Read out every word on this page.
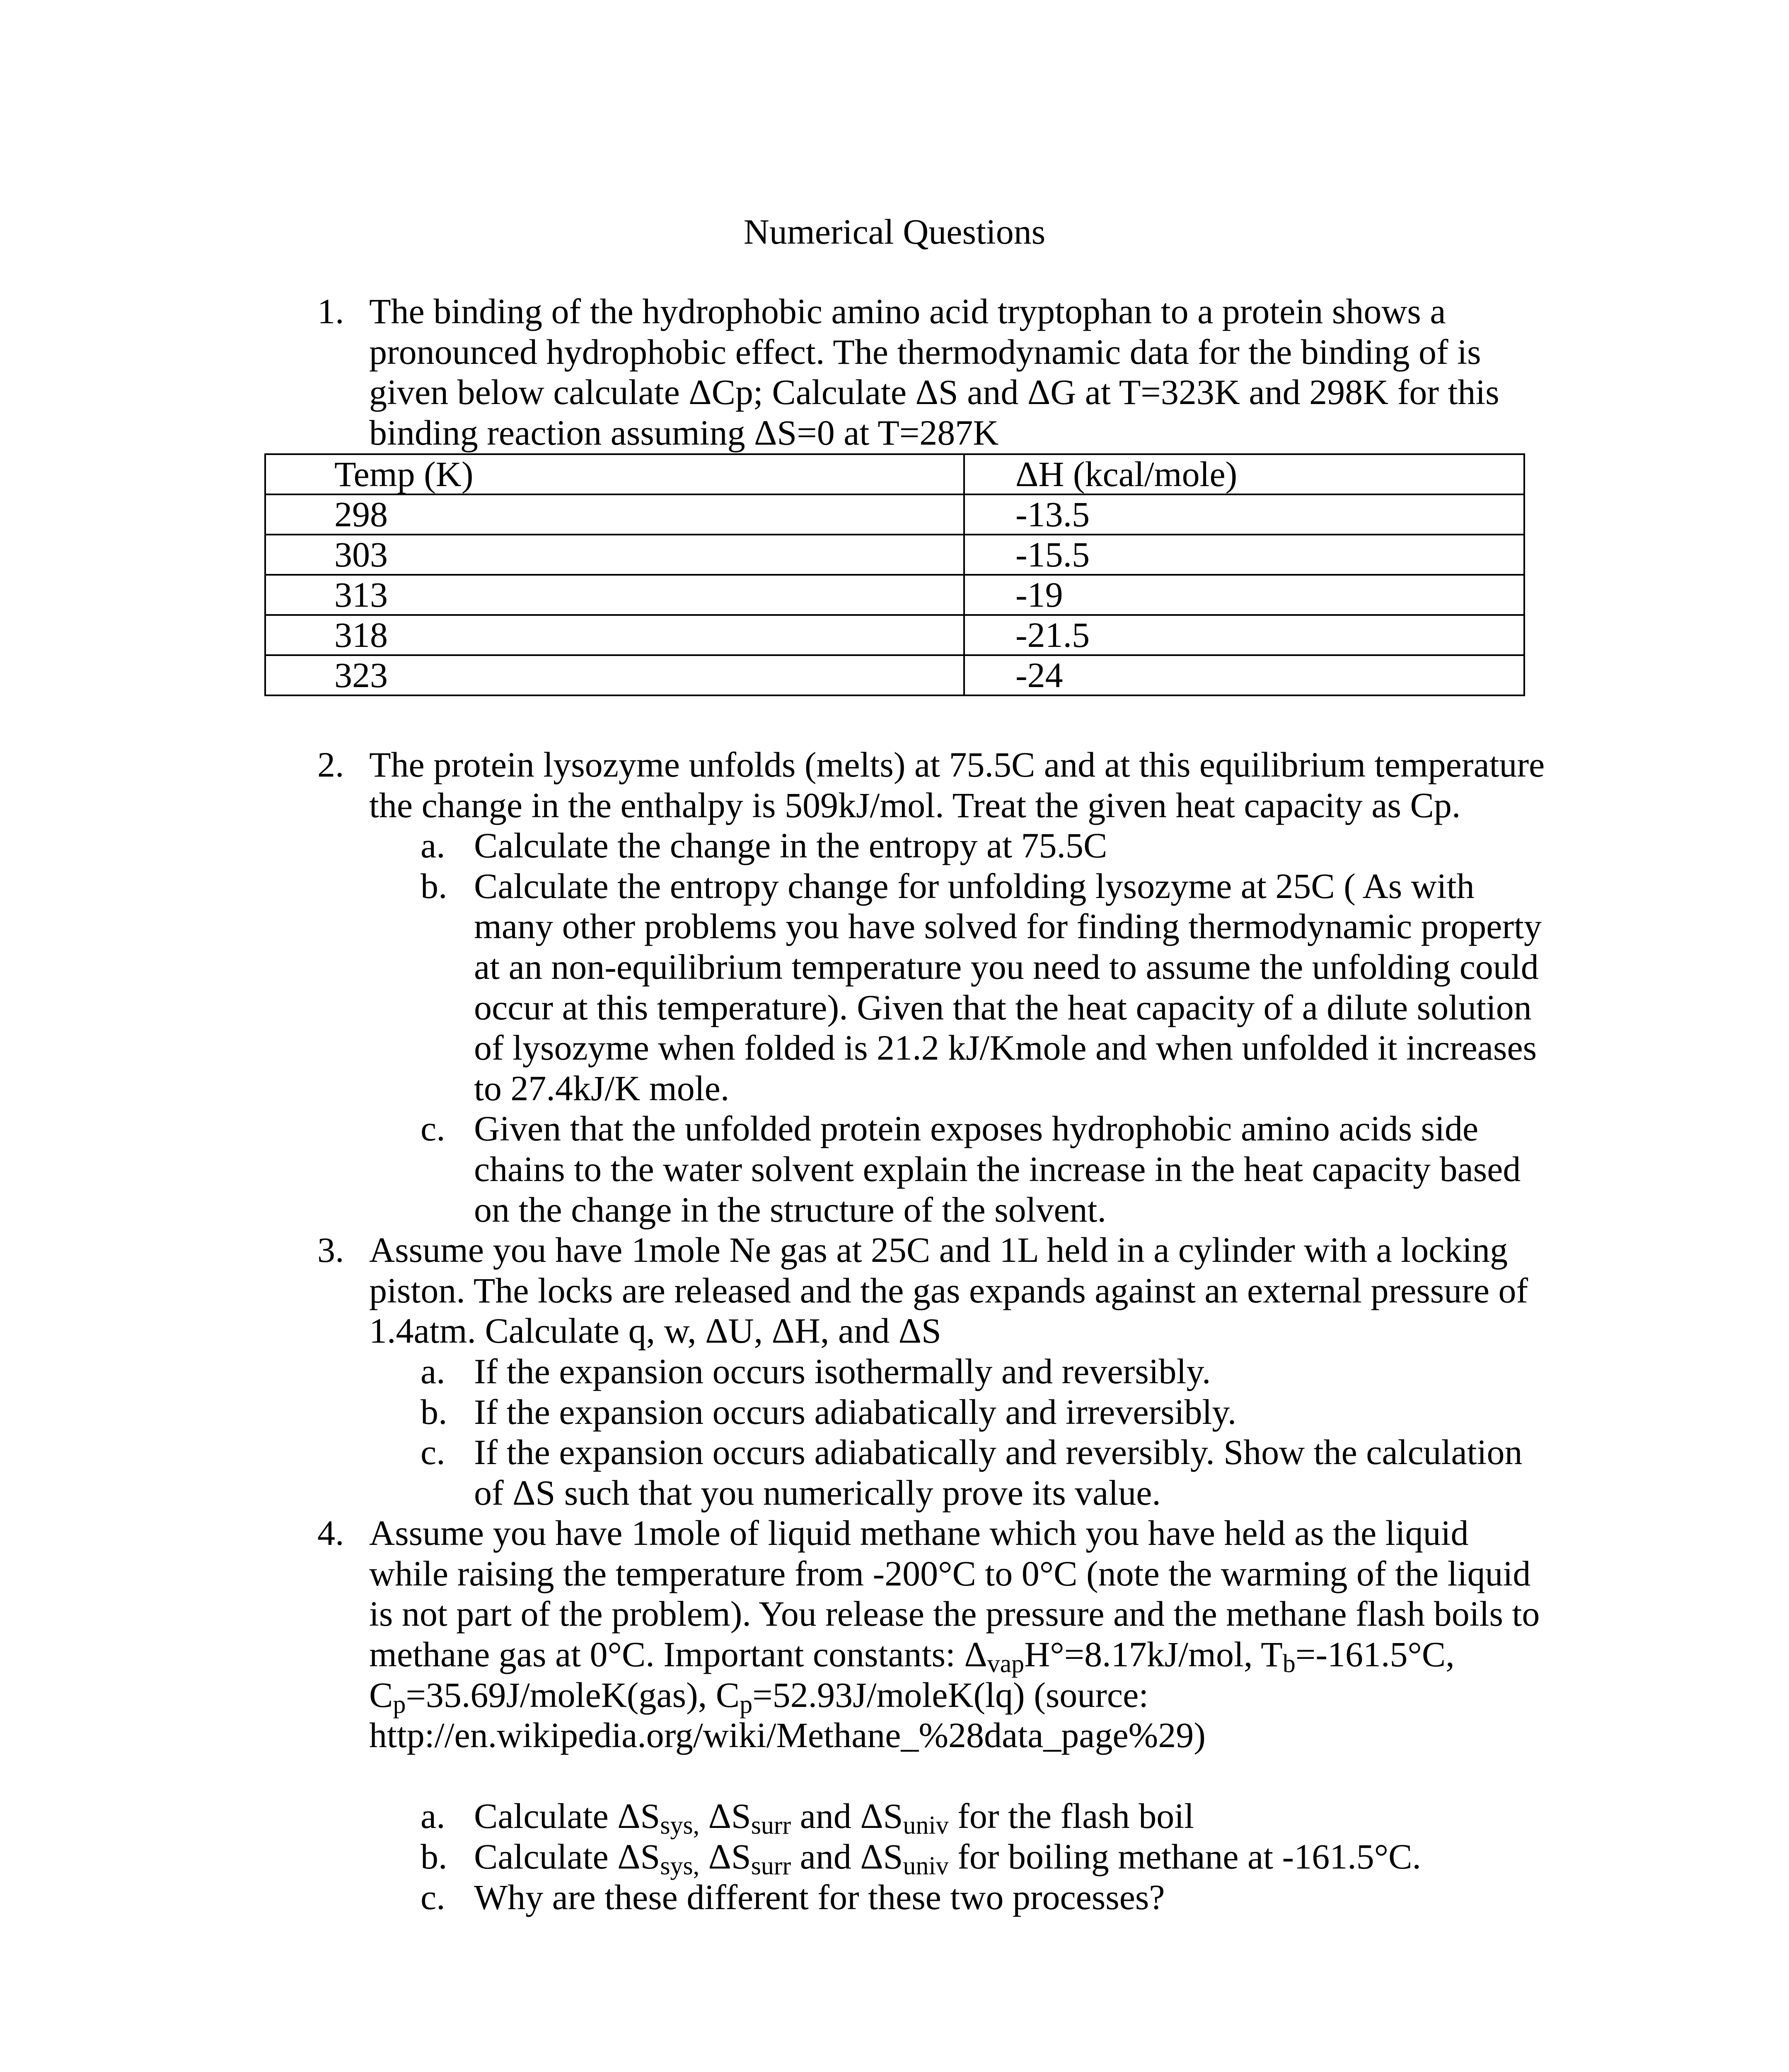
Numerical Questions
1. The binding of the hydrophobic amino acid tryptophan to a protein shows a
pronounced hydrophobic effect. The thermodynamic data for the binding of is
given below calculate ΔCp; Calculate ΔS and ΔG at T=323K and 298K for this
binding reaction assuming ΔS=0 at T=287K
Temp (K)	ΔH (kcal/mole)
298	-13.5
303	-15.5
313	-19
318	-21.5
323	-24
2. The protein lysozyme unfolds (melts) at 75.5C and at this equilibrium temperature
the change in the enthalpy is 509kJ/mol. Treat the given heat capacity as Cp.
a. Calculate the change in the entropy at 75.5C
b. Calculate the entropy change for unfolding lysozyme at 25C ( As with
many other problems you have solved for finding thermodynamic property
at an non-equilibrium temperature you need to assume the unfolding could
occur at this temperature). Given that the heat capacity of a dilute solution
of lysozyme when folded is 21.2 kJ/Kmole and when unfolded it increases
to 27.4kJ/K mole.
c. Given that the unfolded protein exposes hydrophobic amino acids side
chains to the water solvent explain the increase in the heat capacity based
on the change in the structure of the solvent.
3. Assume you have 1mole Ne gas at 25C and 1L held in a cylinder with a locking
piston. The locks are released and the gas expands against an external pressure of
1.4atm. Calculate q, w, ΔU, ΔH, and ΔS
a. If the expansion occurs isothermally and reversibly.
b. If the expansion occurs adiabatically and irreversibly.
c. If the expansion occurs adiabatically and reversibly. Show the calculation
of ΔS such that you numerically prove its value.
4. Assume you have 1mole of liquid methane which you have held as the liquid
while raising the temperature from -200°C to 0°C (note the warming of the liquid
is not part of the problem). You release the pressure and the methane flash boils to
methane gas at 0°C. Important constants: $\Delta_{vap}H^\circ=8.17kJ$/mol, $T_b=-161.5^\circ C$,
$C_p=35.69J/moleK(gas)$, $C_p=52.93J/moleK(lq)$ (source:
http://en.wikipedia.org/wiki/Methane_%28data_page%29)
a. Calculate $\Delta S_{sys,}$ $\Delta S_{surr}$ and $\Delta S_{univ}$ for the flash boil
b. Calculate $\Delta S_{sys,}$ $\Delta S_{surr}$ and $\Delta S_{univ}$ for boiling methane at -161.5°C.
c. Why are these different for these two processes?
